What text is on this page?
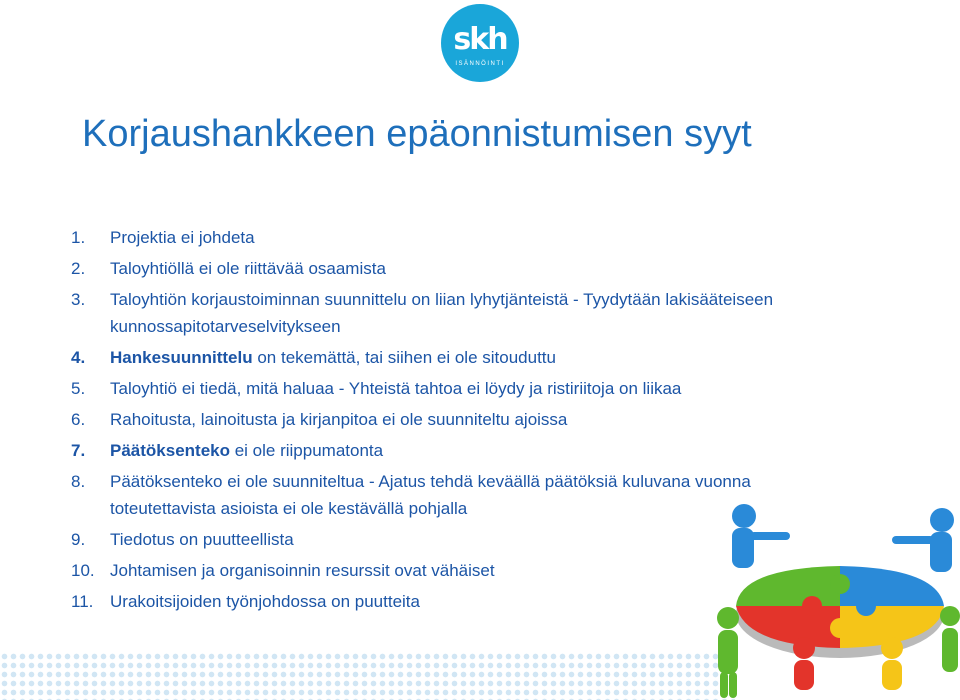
skh
ISÄNNÖINTI
Korjaushankkeen epäonnistumisen syyt
1.	Projektia ei johdeta
2.	Taloyhtiöllä ei ole riittävää osaamista
3.	Taloyhtiön korjaustoiminnan suunnittelu on liian lyhytjänteistä - Tyydytään lakisääteiseen kunnossapitotarveselvitykseen
4.	Hankesuunnittelu on tekemättä, tai siihen ei ole sitouduttu
5.	Taloyhtiö ei tiedä, mitä haluaa - Yhteistä tahtoa ei löydy ja ristiriitoja on liikaa
6.	Rahoitusta, lainoitusta ja kirjanpitoa ei ole suunniteltu ajoissa
7.	Päätöksenteko ei ole riippumatonta
8.	Päätöksenteko ei ole suunniteltua - Ajatus tehdä keväällä päätöksiä kuluvana vuonna toteutettavista asioista ei ole kestävällä pohjalla
9.	Tiedotus on puutteellista
10. Johtamisen ja organisoinnin resurssit ovat vähäiset
11. Urakoitsijoiden työnjohdossa on puutteita
